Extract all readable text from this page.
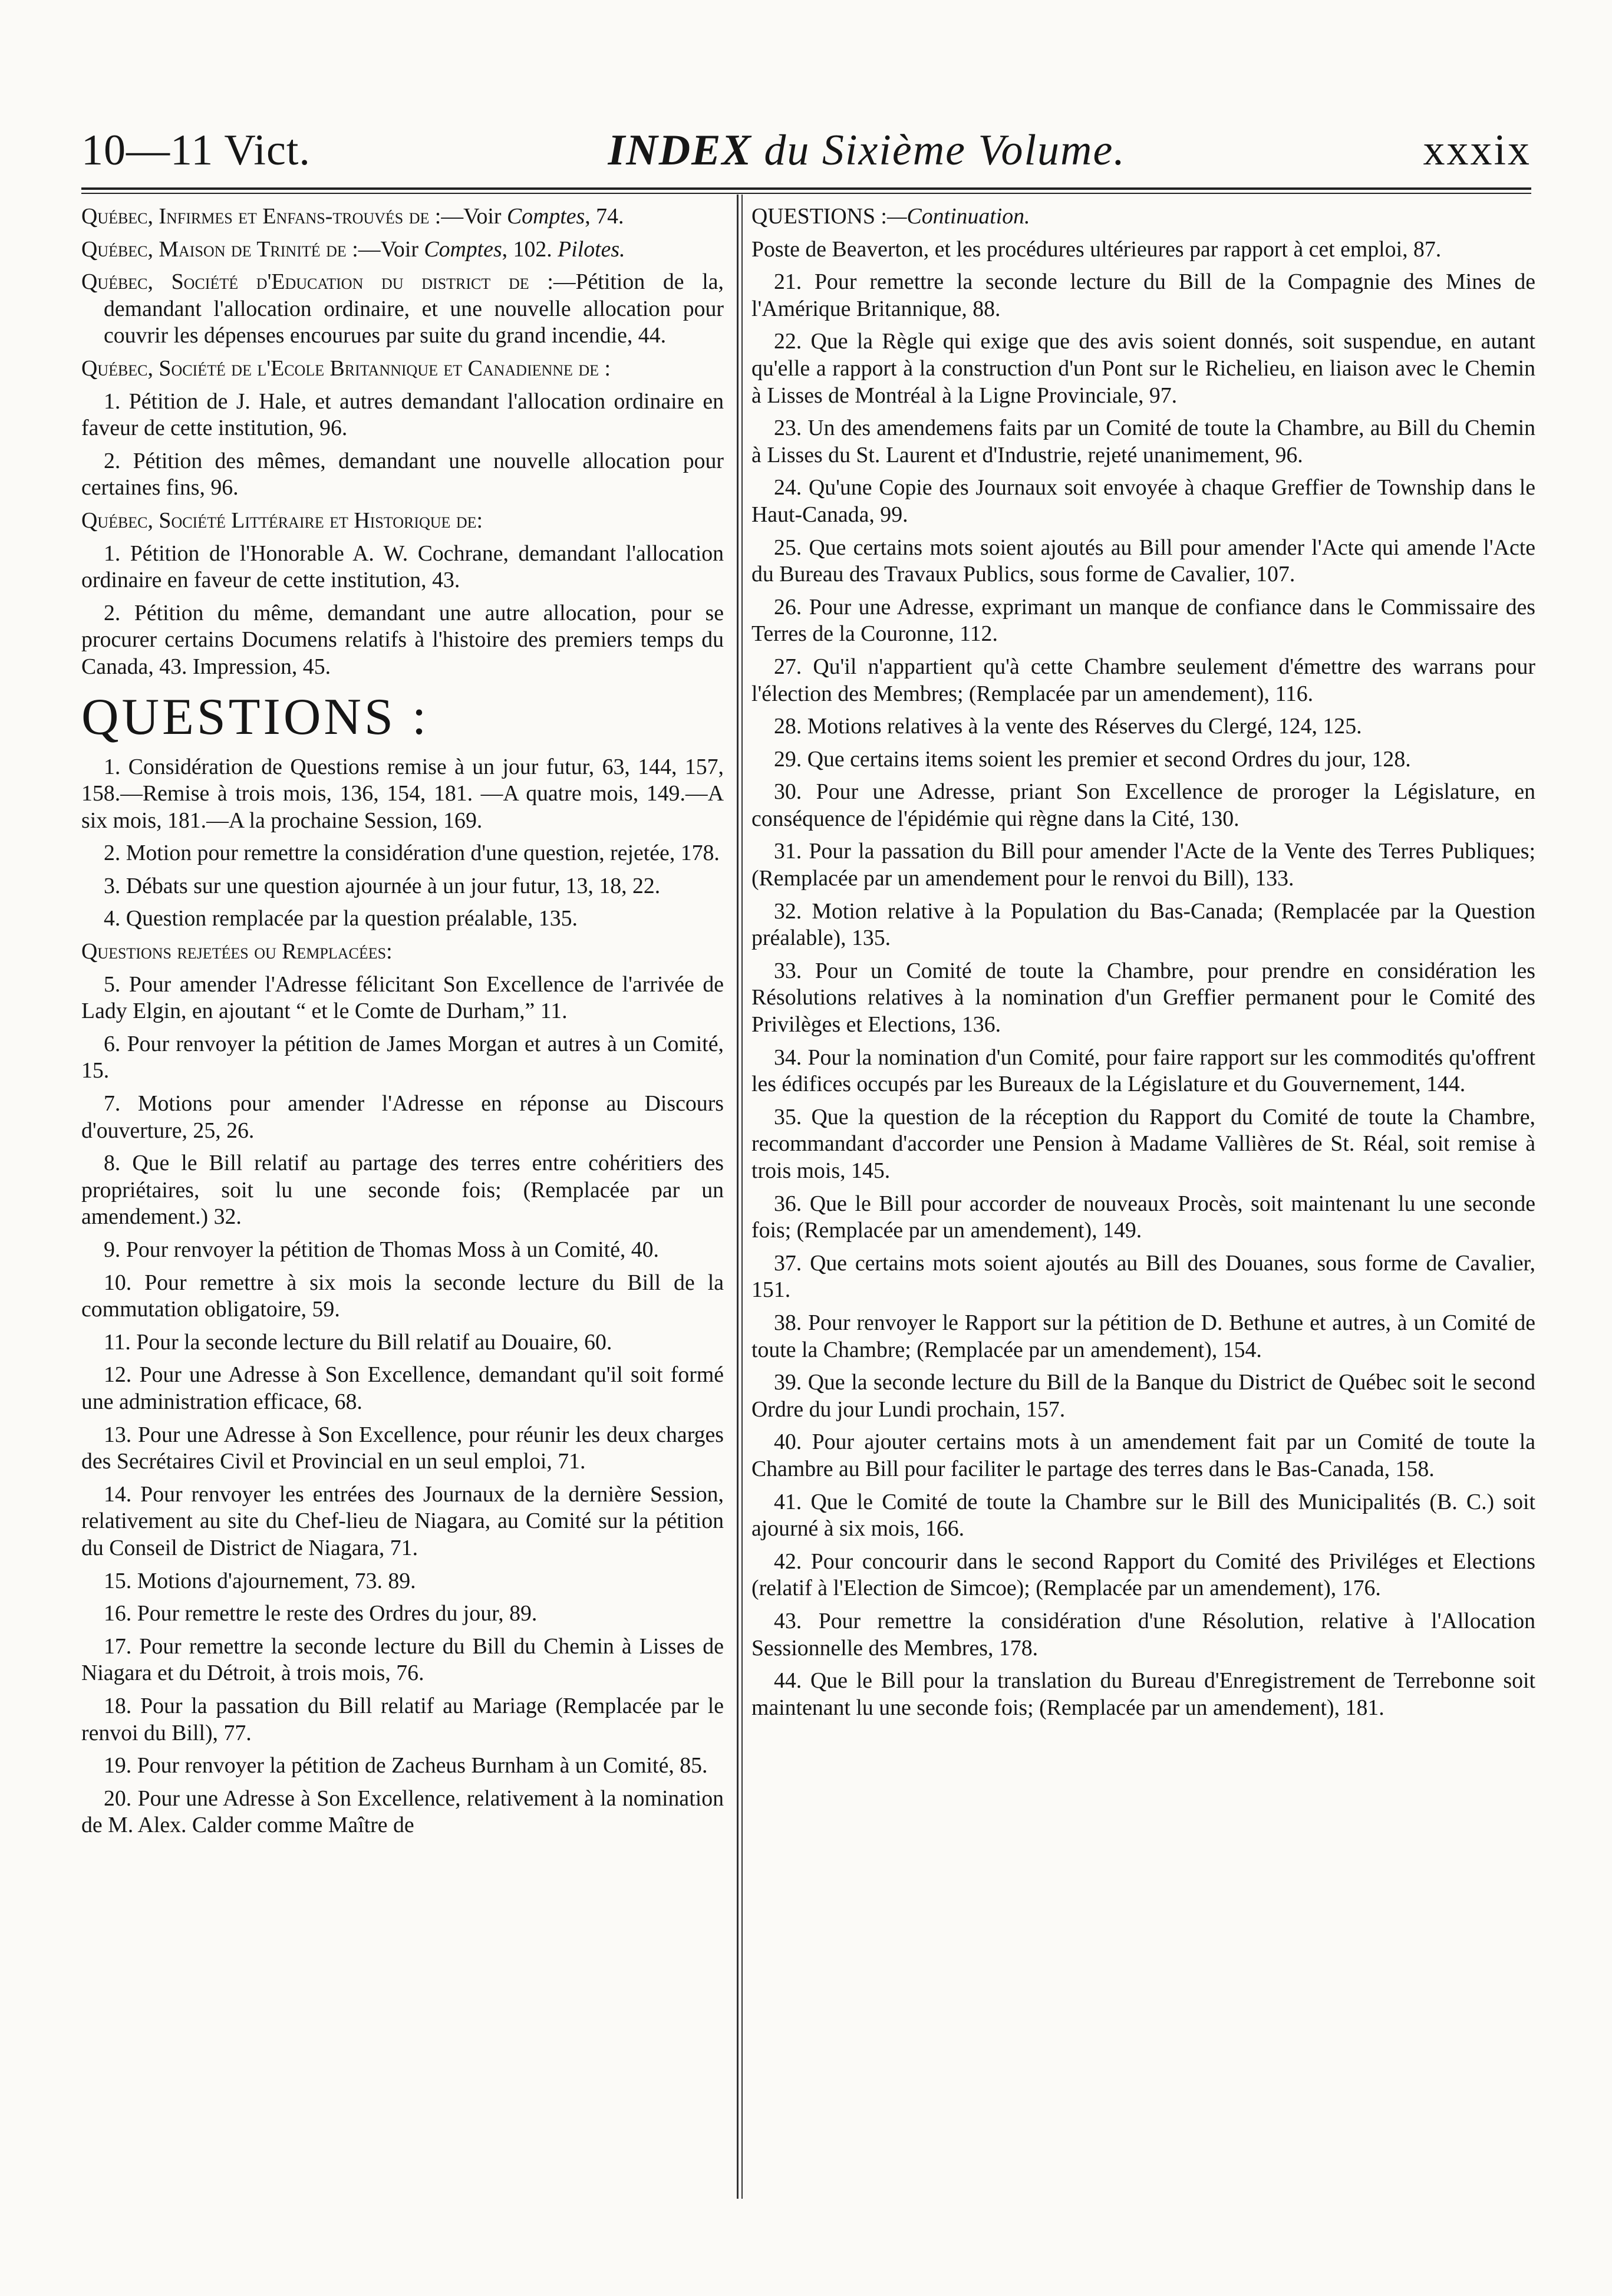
10—11 Vict.	INDEX du Sixième Volume.	xxxix

Québec, Infirmes et Enfans-trouvés de :—Voir Comptes, 74.

Québec, Maison de Trinité de :—Voir Comptes, 102. Pilotes.

Québec, Société d'Education du district de :—Pétition de la, demandant l'allocation ordinaire, et une nouvelle allocation pour couvrir les dépenses encourues par suite du grand incendie, 44.

Québec, Société de l'Ecole Britannique et Canadienne de :

1. Pétition de J. Hale, et autres demandant l'allocation ordinaire en faveur de cette institution, 96.

2. Pétition des mêmes, demandant une nouvelle allocation pour certaines fins, 96.

Québec, Société Littéraire et Historique de:

1. Pétition de l'Honorable A. W. Cochrane, demandant l'allocation ordinaire en faveur de cette institution, 43.

2. Pétition du même, demandant une autre allocation, pour se procurer certains Documens relatifs à l'histoire des premiers temps du Canada, 43. Impression, 45.

QUESTIONS :

1. Considération de Questions remise à un jour futur, 63, 144, 157, 158.—Remise à trois mois, 136, 154, 181. —A quatre mois, 149.—A six mois, 181.—A la prochaine Session, 169.

2. Motion pour remettre la considération d'une question, rejetée, 178.

3. Débats sur une question ajournée à un jour futur, 13, 18, 22.

4. Question remplacée par la question préalable, 135.

Questions rejetées ou Remplacées:

5. Pour amender l'Adresse félicitant Son Excellence de l'arrivée de Lady Elgin, en ajoutant “ et le Comte de Durham,” 11.

6. Pour renvoyer la pétition de James Morgan et autres à un Comité, 15.

7. Motions pour amender l'Adresse en réponse au Discours d'ouverture, 25, 26.

8. Que le Bill relatif au partage des terres entre cohéritiers des propriétaires, soit lu une seconde fois; (Remplacée par un amendement.) 32.

9. Pour renvoyer la pétition de Thomas Moss à un Comité, 40.

10. Pour remettre à six mois la seconde lecture du Bill de la commutation obligatoire, 59.

11. Pour la seconde lecture du Bill relatif au Douaire, 60.

12. Pour une Adresse à Son Excellence, demandant qu'il soit formé une administration efficace, 68.

13. Pour une Adresse à Son Excellence, pour réunir les deux charges des Secrétaires Civil et Provincial en un seul emploi, 71.

14. Pour renvoyer les entrées des Journaux de la dernière Session, relativement au site du Chef-lieu de Niagara, au Comité sur la pétition du Conseil de District de Niagara, 71.

15. Motions d'ajournement, 73. 89.

16. Pour remettre le reste des Ordres du jour, 89.

17. Pour remettre la seconde lecture du Bill du Chemin à Lisses de Niagara et du Détroit, à trois mois, 76.

18. Pour la passation du Bill relatif au Mariage (Remplacée par le renvoi du Bill), 77.

19. Pour renvoyer la pétition de Zacheus Burnham à un Comité, 85.

20. Pour une Adresse à Son Excellence, relativement à la nomination de M. Alex. Calder comme Maître de

QUESTIONS :—Continuation.

Poste de Beaverton, et les procédures ultérieures par rapport à cet emploi, 87.

21. Pour remettre la seconde lecture du Bill de la Compagnie des Mines de l'Amérique Britannique, 88.

22. Que la Règle qui exige que des avis soient donnés, soit suspendue, en autant qu'elle a rapport à la construction d'un Pont sur le Richelieu, en liaison avec le Chemin à Lisses de Montréal à la Ligne Provinciale, 97.

23. Un des amendemens faits par un Comité de toute la Chambre, au Bill du Chemin à Lisses du St. Laurent et d'Industrie, rejeté unanimement, 96.

24. Qu'une Copie des Journaux soit envoyée à chaque Greffier de Township dans le Haut-Canada, 99.

25. Que certains mots soient ajoutés au Bill pour amender l'Acte qui amende l'Acte du Bureau des Travaux Publics, sous forme de Cavalier, 107.

26. Pour une Adresse, exprimant un manque de confiance dans le Commissaire des Terres de la Couronne, 112.

27. Qu'il n'appartient qu'à cette Chambre seulement d'émettre des warrans pour l'élection des Membres; (Remplacée par un amendement), 116.

28. Motions relatives à la vente des Réserves du Clergé, 124, 125.

29. Que certains items soient les premier et second Ordres du jour, 128.

30. Pour une Adresse, priant Son Excellence de proroger la Législature, en conséquence de l'épidémie qui règne dans la Cité, 130.

31. Pour la passation du Bill pour amender l'Acte de la Vente des Terres Publiques; (Remplacée par un amendement pour le renvoi du Bill), 133.

32. Motion relative à la Population du Bas-Canada; (Remplacée par la Question préalable), 135.

33. Pour un Comité de toute la Chambre, pour prendre en considération les Résolutions relatives à la nomination d'un Greffier permanent pour le Comité des Privilèges et Elections, 136.

34. Pour la nomination d'un Comité, pour faire rapport sur les commodités qu'offrent les édifices occupés par les Bureaux de la Législature et du Gouvernement, 144.

35. Que la question de la réception du Rapport du Comité de toute la Chambre, recommandant d'accorder une Pension à Madame Vallières de St. Réal, soit remise à trois mois, 145.

36. Que le Bill pour accorder de nouveaux Procès, soit maintenant lu une seconde fois; (Remplacée par un amendement), 149.

37. Que certains mots soient ajoutés au Bill des Douanes, sous forme de Cavalier, 151.

38. Pour renvoyer le Rapport sur la pétition de D. Bethune et autres, à un Comité de toute la Chambre; (Remplacée par un amendement), 154.

39. Que la seconde lecture du Bill de la Banque du District de Québec soit le second Ordre du jour Lundi prochain, 157.

40. Pour ajouter certains mots à un amendement fait par un Comité de toute la Chambre au Bill pour faciliter le partage des terres dans le Bas-Canada, 158.

41. Que le Comité de toute la Chambre sur le Bill des Municipalités (B. C.) soit ajourné à six mois, 166.

42. Pour concourir dans le second Rapport du Comité des Priviléges et Elections (relatif à l'Election de Simcoe); (Remplacée par un amendement), 176.

43. Pour remettre la considération d'une Résolution, relative à l'Allocation Sessionnelle des Membres, 178.

44. Que le Bill pour la translation du Bureau d'Enregistrement de Terrebonne soit maintenant lu une seconde fois; (Remplacée par un amendement), 181.
